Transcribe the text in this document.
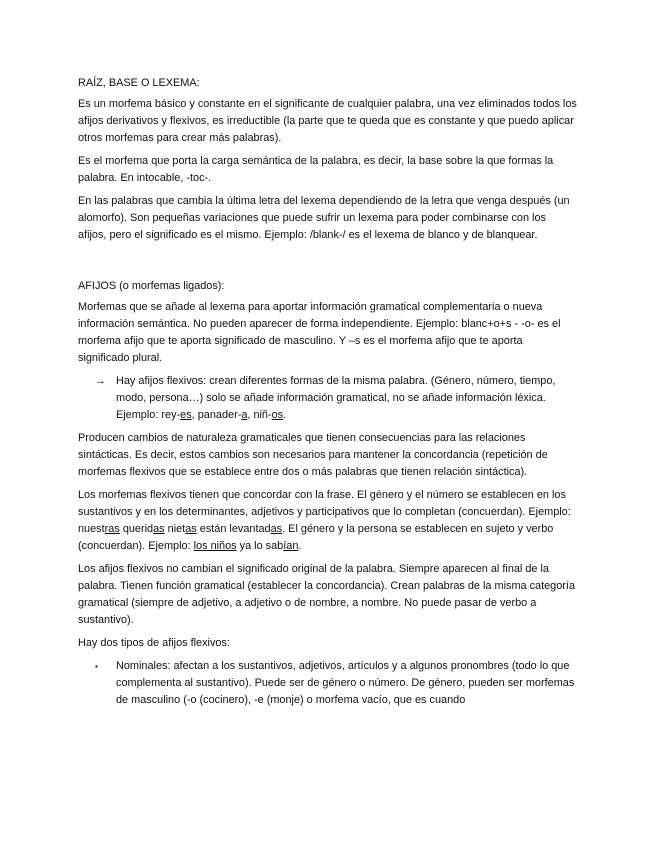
RAÍZ, BASE O LEXEMA:

Es un morfema básico y constante en el significante de cualquier palabra, una vez eliminados todos los afijos derivativos y flexivos, es irreductible (la parte que te queda que es constante y que puedo aplicar otros morfemas para crear más palabras).

Es el morfema que porta la carga semántica de la palabra, es decir, la base sobre la que formas la palabra. En intocable, -toc-.

En las palabras que cambia la última letra del lexema dependiendo de la letra que venga después (un alomorfo). Son pequeñas variaciones que puede sufrir un lexema para poder combinarse con los afijos, pero el significado es el mismo. Ejemplo: /blank-/ es el lexema de blanco y de blanquear.

AFIJOS (o morfemas ligados):

Morfemas que se añade al lexema para aportar información gramatical complementaria o nueva información semántica. No pueden aparecer de forma independiente. Ejemplo: blanc+o+s - -o- es el morfema afijo que te aporta significado de masculino. Y –s es el morfema afijo que te aporta significado plural.

→ Hay afijos flexivos: crean diferentes formas de la misma palabra. (Género, número, tiempo, modo, persona…) solo se añade información gramatical, no se añade información léxica. Ejemplo: rey-es, panader-a, niñ-os.

Producen cambios de naturaleza gramaticales que tienen consecuencias para las relaciones sintácticas. Es decir, estos cambios son necesarios para mantener la concordancia (repetición de morfemas flexivos que se establece entre dos o más palabras que tienen relación sintáctica).

Los morfemas flexivos tienen que concordar con la frase. El género y el número se establecen en los sustantivos y en los determinantes, adjetivos y participativos que lo completan (concuerdan). Ejemplo: nuestras queridas nietas están levantadas. El género y la persona se establecen en sujeto y verbo (concuerdan). Ejemplo: los niños ya lo sabían.

Los afijos flexivos no cambian el significado original de la palabra. Siempre aparecen al final de la palabra. Tienen función gramatical (establecer la concordancia). Crean palabras de la misma categoría gramatical (siempre de adjetivo, a adjetivo o de nombre, a nombre. No puede pasar de verbo a sustantivo).

Hay dos tipos de afijos flexivos:

▪	Nominales: afectan a los sustantivos, adjetivos, artículos y a algunos pronombres (todo lo que complementa al sustantivo). Puede ser de género o número. De género, pueden ser morfemas de masculino (-o (cocinero), -e (monje) o morfema vacío, que es cuando
